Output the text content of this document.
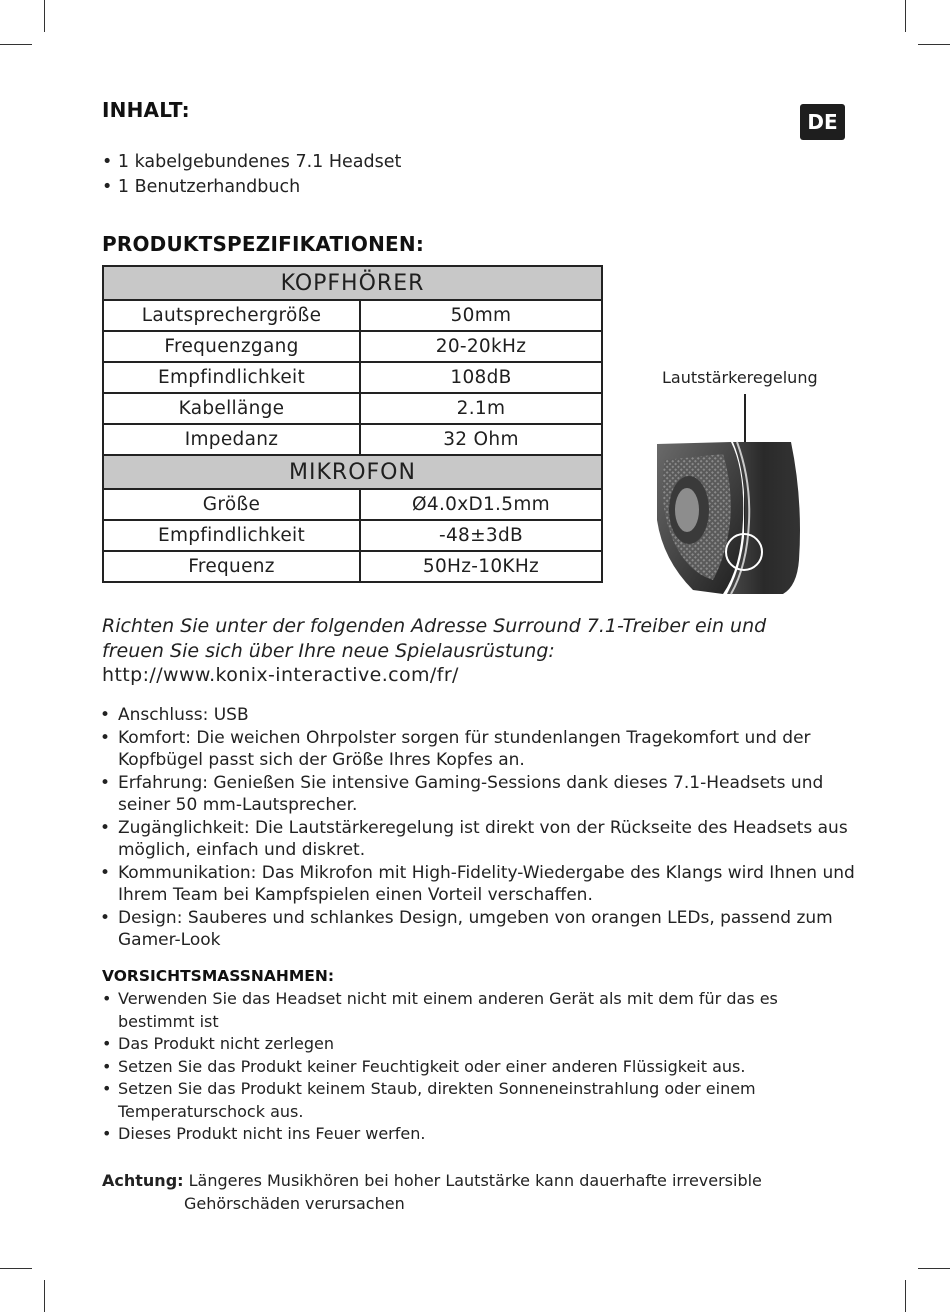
INHALT:	DE
• 1 kabelgebundenes 7.1 Headset
• 1 Benutzerhandbuch
PRODUKTSPEZIFIKATIONEN:
KOPFHÖRER	
Lautsprechergröße	50mm
Frequenzgang	20-20kHz
Empfindlichkeit	108dB
Kabellänge	2.1m
Impedanz	32 Ohm
MIKROFON	
Größe	Ø4.0xD1.5mm
Empfindlichkeit	-48±3dB
Frequenz	50Hz-10KHz
Lautstärkeregelung
Richten Sie unter der folgenden Adresse Surround 7.1-Treiber ein und
freuen Sie sich über Ihre neue Spielausrüstung:
http://www.konix-interactive.com/fr/
• Anschluss: USB
• Komfort: Die weichen Ohrpolster sorgen für stundenlangen Tragekomfort und der Kopfbügel passt sich der Größe Ihres Kopfes an.
• Erfahrung: Genießen Sie intensive Gaming-Sessions dank dieses 7.1-Headsets und seiner 50 mm-Lautsprecher.
• Zugänglichkeit: Die Lautstärkeregelung ist direkt von der Rückseite des Headsets aus möglich, einfach und diskret.
• Kommunikation: Das Mikrofon mit High-Fidelity-Wiedergabe des Klangs wird Ihnen und Ihrem Team bei Kampfspielen einen Vorteil verschaffen.
• Design: Sauberes und schlankes Design, umgeben von orangen LEDs, passend zum Gamer-Look
VORSICHTSMASSNAHMEN:
• Verwenden Sie das Headset nicht mit einem anderen Gerät als mit dem für das es bestimmt ist
• Das Produkt nicht zerlegen
• Setzen Sie das Produkt keiner Feuchtigkeit oder einer anderen Flüssigkeit aus.
• Setzen Sie das Produkt keinem Staub, direkten Sonneneinstrahlung oder einem Temperaturschock aus.
• Dieses Produkt nicht ins Feuer werfen.
Achtung: Längeres Musikhören bei hoher Lautstärke kann dauerhafte irreversible
Gehörschäden verursachen
